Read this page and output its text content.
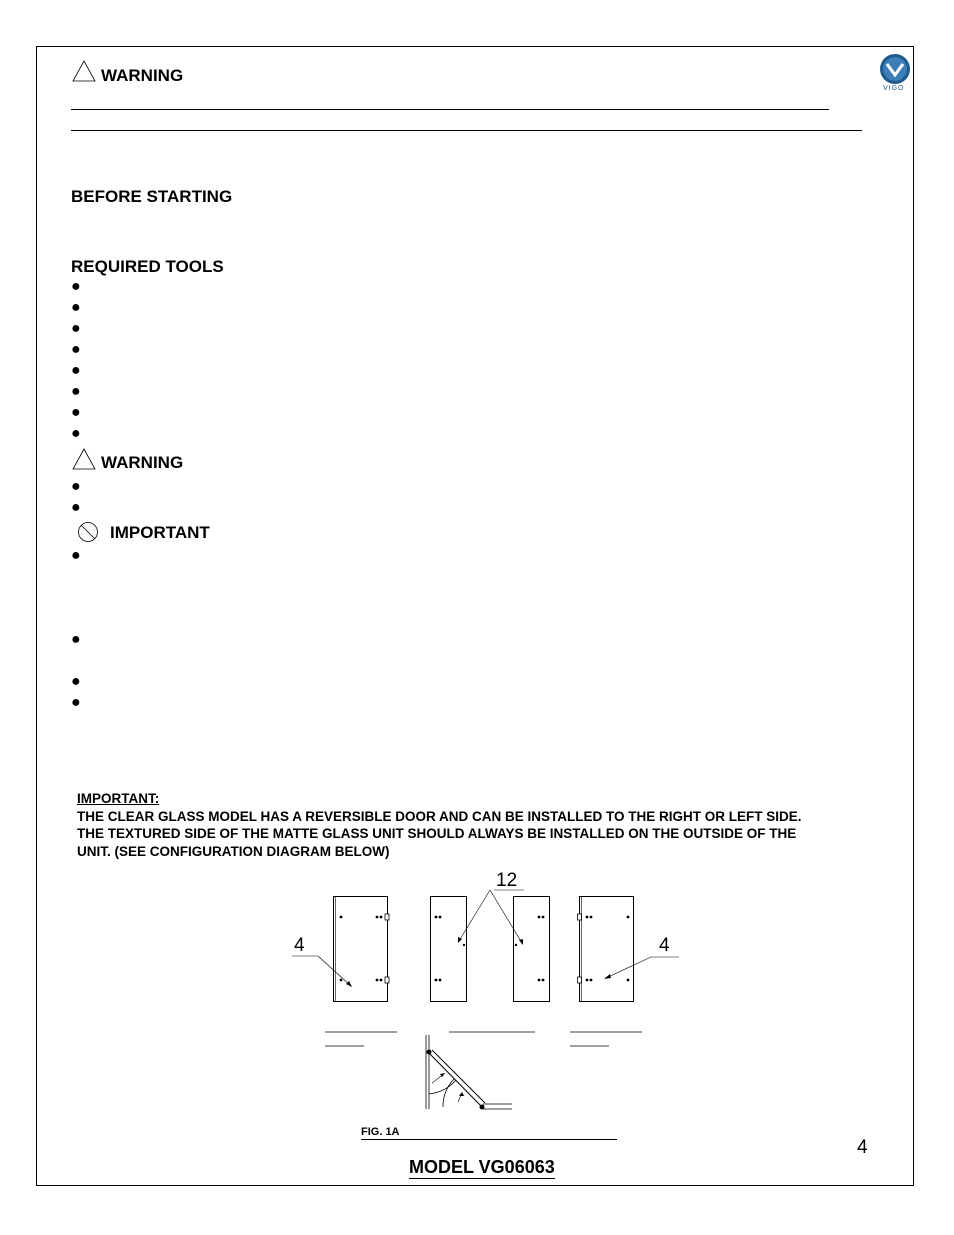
WARNING
VIGO
BEFORE STARTING
REQUIRED TOOLS
●
●
●
●
●
●
●
●
WARNING
●
●
IMPORTANT
●
●
●
●
IMPORTANT:
THE CLEAR GLASS MODEL HAS A REVERSIBLE DOOR AND CAN BE INSTALLED TO THE RIGHT OR LEFT SIDE.
THE TEXTURED SIDE OF THE MATTE GLASS UNIT SHOULD ALWAYS BE INSTALLED ON THE OUTSIDE OF THE
UNIT. (SEE CONFIGURATION DIAGRAM BELOW)
4
12
4
FIG. 1A
4
MODEL VG06063
